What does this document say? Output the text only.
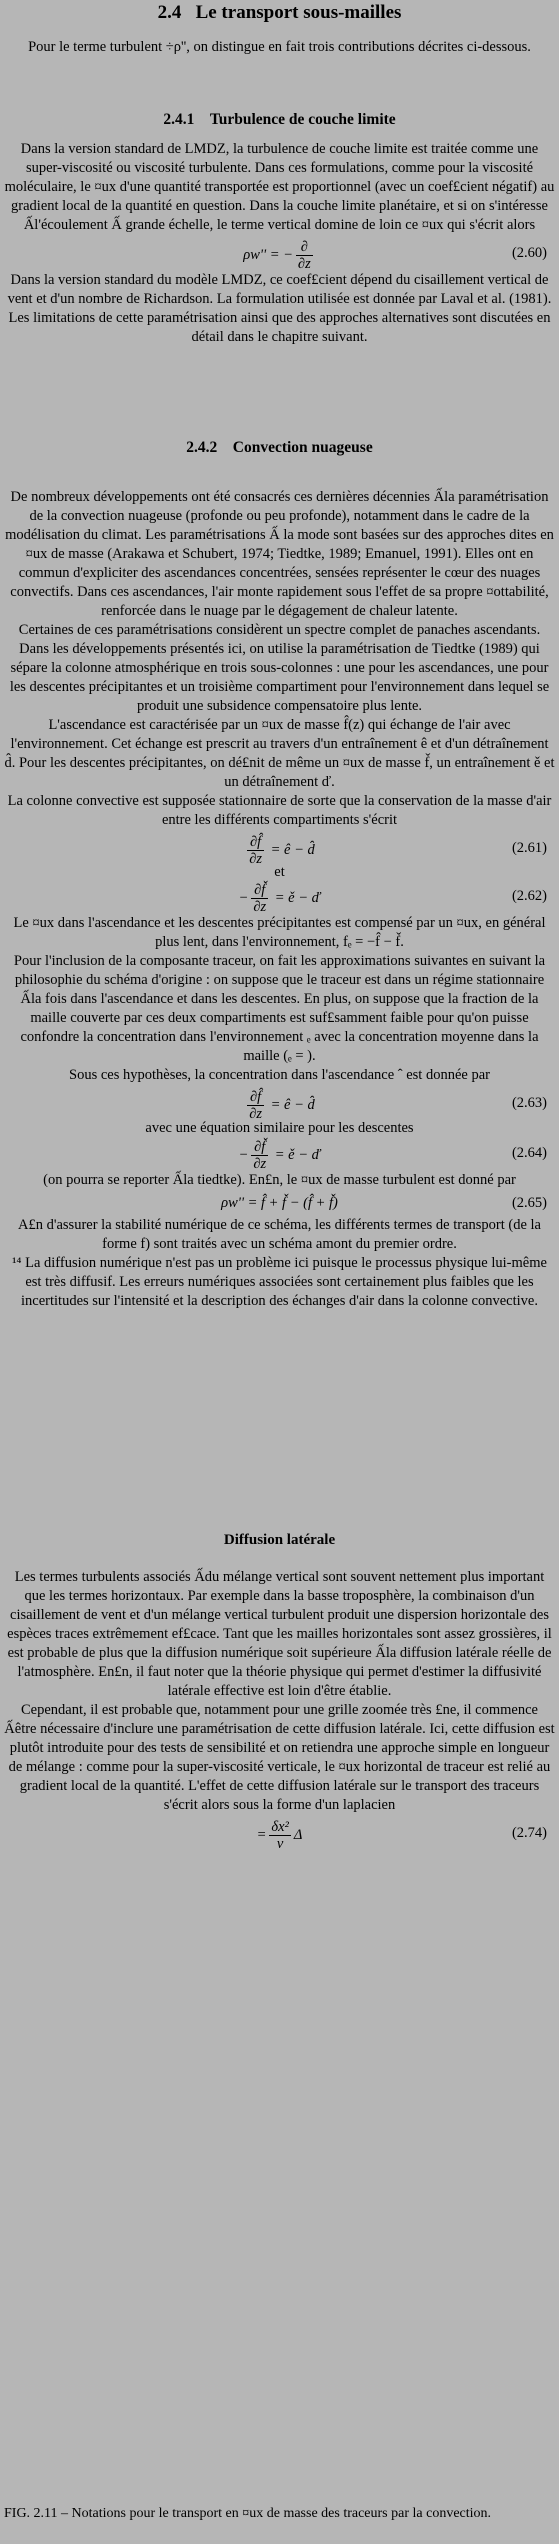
2.4 Le transport sous-mailles

Pour le terme turbulent ÷ρ'', on distingue en fait trois contributions décrites ci-dessous.

2.4.1 Turbulence de couche limite

Dans la version standard de LMDZ, la turbulence de couche limite est traitée comme une super-viscosité ou viscosité turbulente. Dans ces formulations, comme pour la viscosité moléculaire, le ¤ux d'une quantité transportée est proportionnel (avec un coef£cient négatif) au gradient local de la quantité en question. Dans la couche limite planétaire, et si on s'intéresse Ấl'écoulement Ấ grande échelle, le terme vertical domine de loin ce ¤ux qui s'écrit alors

ρw'' = − $\frac{\partial}{\partial z}$	(2.60)

Dans la version standard du modèle LMDZ, ce coef£cient dépend du cisaillement vertical de vent et d'un nombre de Richardson. La formulation utilisée est donnée par Laval et al. (1981). Les limitations de cette paramétrisation ainsi que des approches alternatives sont discutées en détail dans le chapitre suivant.

2.4.2 Convection nuageuse

De nombreux développements ont été consacrés ces dernières décennies Ấla paramétrisation de la convection nuageuse (profonde ou peu profonde), notamment dans le cadre de la modélisation du climat. Les paramétrisations Ấ la mode sont basées sur des approches dites en ¤ux de masse (Arakawa et Schubert, 1974; Tiedtke, 1989; Emanuel, 1991). Elles ont en commun d'expliciter des ascendances concentrées, sensées représenter le cœur des nuages convectifs. Dans ces ascendances, l'air monte rapidement sous l'effet de sa propre ¤ottabilité, renforcée dans le nuage par le dégagement de chaleur latente.

Certaines de ces paramétrisations considèrent un spectre complet de panaches ascendants. Dans les développements présentés ici, on utilise la paramétrisation de Tiedtke (1989) qui sépare la colonne atmosphérique en trois sous-colonnes : une pour les ascendances, une pour les descentes précipitantes et un troisième compartiment pour l'environnement dans lequel se produit une subsidence compensatoire plus lente.

L'ascendance est caractérisée par un ¤ux de masse f̂(z) qui échange de l'air avec l'environnement. Cet échange est prescrit au travers d'un entraînement ê et d'un détraînement d̂. Pour les descentes précipitantes, on dé£nit de même un ¤ux de masse f̌, un entraînement ě et un détraînement ď.

La colonne convective est supposée stationnaire de sorte que la conservation de la masse d'air entre les différents compartiments s'écrit

$\frac{\partial f̂}{\partial z}$ = ê − d̂	(2.61)

et

− $\frac{\partial f̌}{\partial z}$ = ě − ď	(2.62)

Le ¤ux dans l'ascendance et les descentes précipitantes est compensé par un ¤ux, en général plus lent, dans l'environnement, fₑ = −f̂ − f̌.

Pour l'inclusion de la composante traceur, on fait les approximations suivantes en suivant la philosophie du schéma d'origine : on suppose que le traceur est dans un régime stationnaire Ấla fois dans l'ascendance et dans les descentes. En plus, on suppose que la fraction de la maille couverte par ces deux compartiments est suf£samment faible pour qu'on puisse confondre la concentration dans l'environnement ₑ avec la concentration moyenne dans la maille (ₑ = ).

Sous ces hypothèses, la concentration dans l'ascendance ˆ est donnée par

$\frac{\partial f̂}{\partial z}$ = ê − d̂	(2.63)

avec une équation similaire pour les descentes

− $\frac{\partial f̌}{\partial z}$ = ě − ď	(2.64)

(on pourra se reporter Ấla tiedtke). En£n, le ¤ux de masse turbulent est donné par

ρw'' = f̂ + f̌ − (f̂ + f̌)	(2.65)

A£n d'assurer la stabilité numérique de ce schéma, les différents termes de transport (de la forme f) sont traités avec un schéma amont du premier ordre.

¹⁴ La diffusion numérique n'est pas un problème ici puisque le processus physique lui-même est très diffusif. Les erreurs numériques associées sont certainement plus faibles que les incertitudes sur l'intensité et la description des échanges d'air dans la colonne convective.

Diffusion latérale

Les termes turbulents associés Ấdu mélange vertical sont souvent nettement plus important que les termes horizontaux. Par exemple dans la basse troposphère, la combinaison d'un cisaillement de vent et d'un mélange vertical turbulent produit une dispersion horizontale des espèces traces extrêmement ef£cace. Tant que les mailles horizontales sont assez grossières, il est probable de plus que la diffusion numérique soit supérieure Ấla diffusion latérale réelle de l'atmosphère. En£n, il faut noter que la théorie physique qui permet d'estimer la diffusivité latérale effective est loin d'être établie.

Cependant, il est probable que, notamment pour une grille zoomée très £ne, il commence Ấêtre nécessaire d'inclure une paramétrisation de cette diffusion latérale. Ici, cette diffusion est plutôt introduite pour des tests de sensibilité et on retiendra une approche simple en longueur de mélange : comme pour la super-viscosité verticale, le ¤ux horizontal de traceur est relié au gradient local de la quantité. L'effet de cette diffusion latérale sur le transport des traceurs s'écrit alors sous la forme d'un laplacien

= $\frac{\text{δx²}}{\nu}$ Δ	(2.74)

FIG. 2.11 – Notations pour le transport en ¤ux de masse des traceurs par la convection.
